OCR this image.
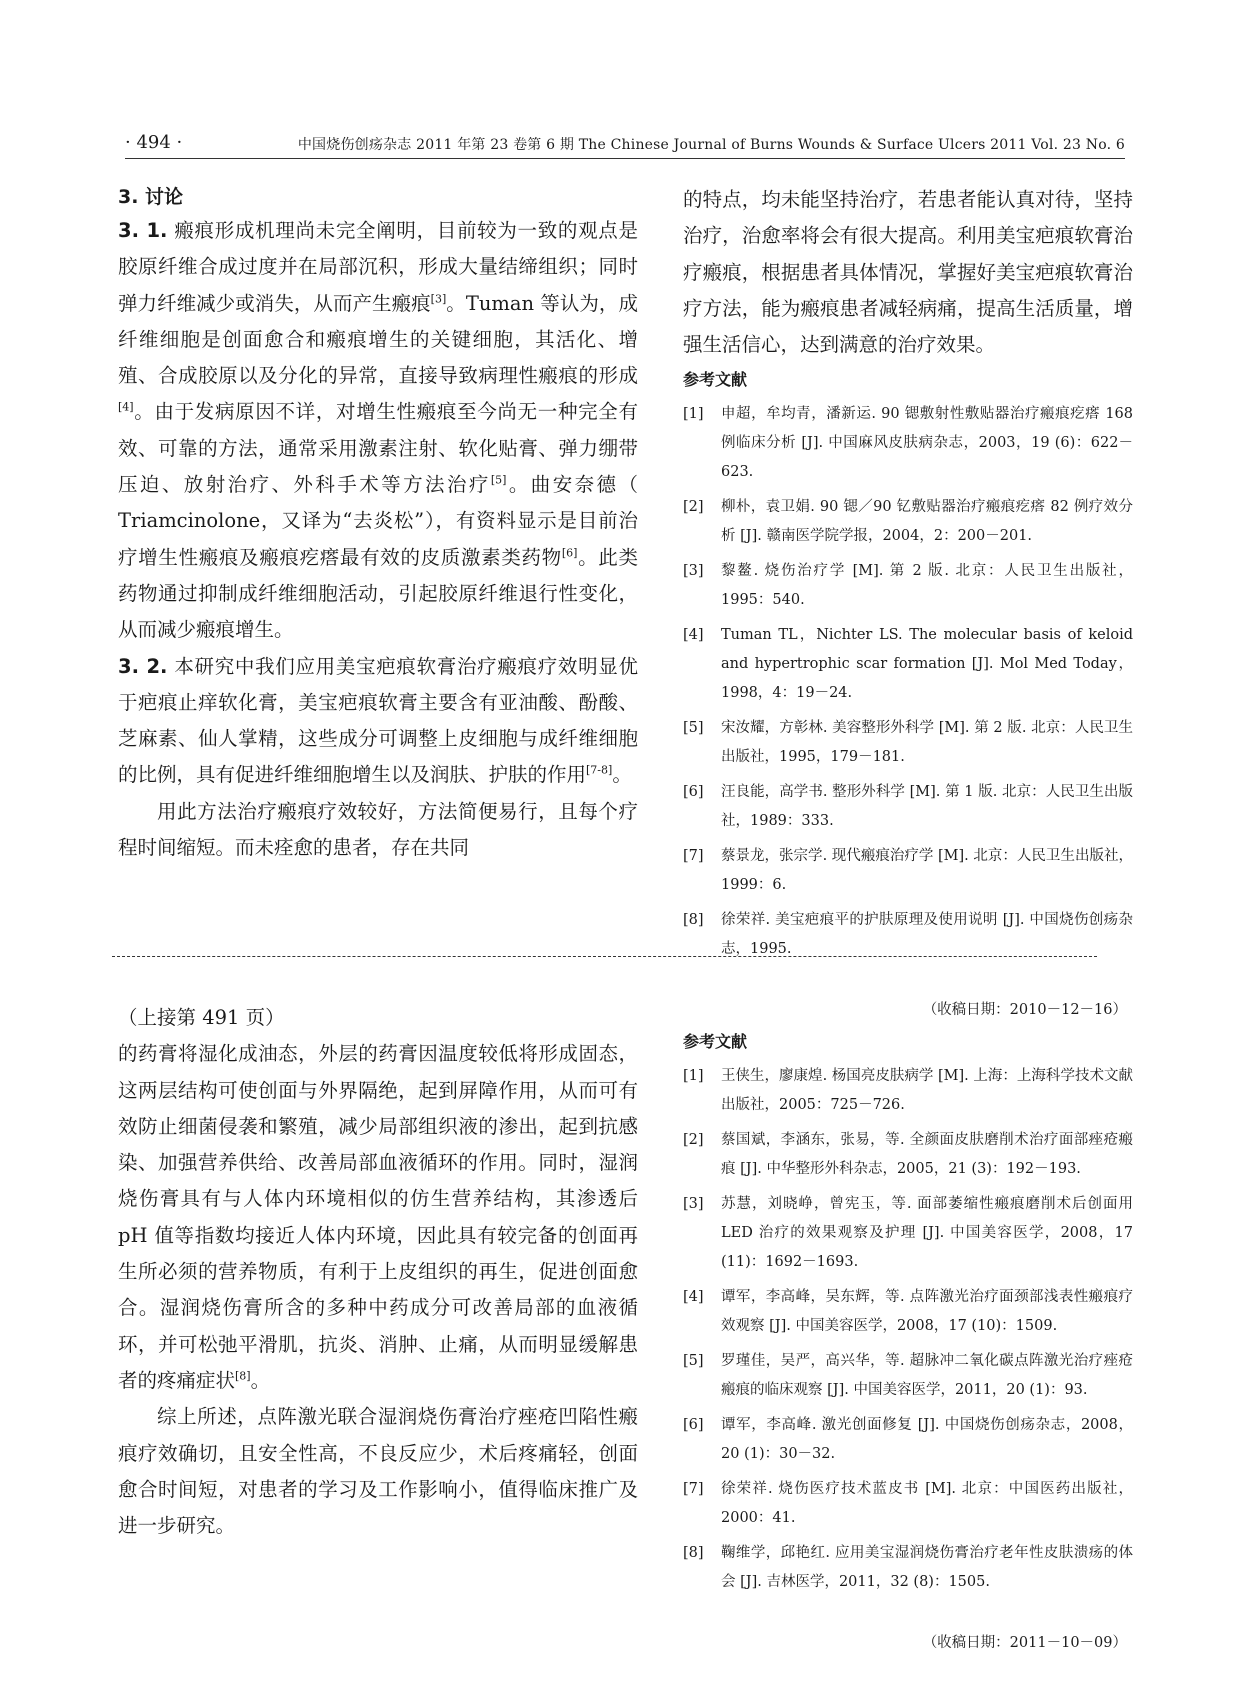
· 494 ·	中国烧伤创疡杂志 2011 年第 23 卷第 6 期 The Chinese Journal of Burns Wounds & Surface Ulcers 2011 Vol. 23 No. 6
3. 讨论

3. 1. 瘢痕形成机理尚未完全阐明，目前较为一致的观点是胶原纤维合成过度并在局部沉积，形成大量结缔组织；同时弹力纤维减少或消失，从而产生瘢痕[3]。Tuman 等认为，成纤维细胞是创面愈合和瘢痕增生的关键细胞，其活化、增殖、合成胶原以及分化的异常，直接导致病理性瘢痕的形成[4]。由于发病原因不详，对增生性瘢痕至今尚无一种完全有效、可靠的方法，通常采用激素注射、软化贴膏、弹力绷带压迫、放射治疗、外科手术等方法治疗[5]。曲安奈德（ Triamcinolone，又译为“去炎松”），有资料显示是目前治疗增生性瘢痕及瘢痕疙瘩最有效的皮质激素类药物[6]。此类药物通过抑制成纤维细胞活动，引起胶原纤维退行性变化，从而减少瘢痕增生。

3. 2. 本研究中我们应用美宝疤痕软膏治疗瘢痕疗效明显优于疤痕止痒软化膏，美宝疤痕软膏主要含有亚油酸、酚酸、芝麻素、仙人掌精，这些成分可调整上皮细胞与成纤维细胞的比例，具有促进纤维细胞增生以及润肤、护肤的作用[7-8]。

用此方法治疗瘢痕疗效较好，方法简便易行，且每个疗程时间缩短。而未痊愈的患者，存在共同

的特点，均未能坚持治疗，若患者能认真对待，坚持治疗，治愈率将会有很大提高。利用美宝疤痕软膏治疗瘢痕，根据患者具体情况，掌握好美宝疤痕软膏治疗方法，能为瘢痕患者减轻病痛，提高生活质量，增强生活信心，达到满意的治疗效果。

参考文献
[1] 申超，牟均青，潘新运. 90 锶敷射性敷贴器治疗瘢痕疙瘩 168 例临床分析 [J]. 中国麻风皮肤病杂志，2003，19 (6)：622－623.
[2] 柳朴，袁卫娟. 90 锶／90 钇敷贴器治疗瘢痕疙瘩 82 例疗效分析 [J]. 赣南医学院学报，2004，2：200－201.
[3] 黎鳌. 烧伤治疗学 [M]. 第 2 版. 北京：人民卫生出版社，1995：540.
[4] Tuman TL，Nichter LS. The molecular basis of keloid and hypertrophic scar formation [J]. Mol Med Today，1998，4：19－24.
[5] 宋汝耀，方彰林. 美容整形外科学 [M]. 第 2 版. 北京：人民卫生出版社，1995，179－181.
[6] 汪良能，高学书. 整形外科学 [M]. 第 1 版. 北京：人民卫生出版社，1989：333.
[7] 蔡景龙，张宗学. 现代瘢痕治疗学 [M]. 北京：人民卫生出版社，1999：6.
[8] 徐荣祥. 美宝疤痕平的护肤原理及使用说明 [J]. 中国烧伤创疡杂志，1995.
（收稿日期：2010－12－16）

（上接第 491 页）

的药膏将湿化成油态，外层的药膏因温度较低将形成固态，这两层结构可使创面与外界隔绝，起到屏障作用，从而可有效防止细菌侵袭和繁殖，减少局部组织液的渗出，起到抗感染、加强营养供给、改善局部血液循环的作用。同时，湿润烧伤膏具有与人体内环境相似的仿生营养结构，其渗透后 pH 值等指数均接近人体内环境，因此具有较完备的创面再生所必须的营养物质，有利于上皮组织的再生，促进创面愈合。湿润烧伤膏所含的多种中药成分可改善局部的血液循环，并可松弛平滑肌，抗炎、消肿、止痛，从而明显缓解患者的疼痛症状[8]。

综上所述，点阵激光联合湿润烧伤膏治疗痤疮凹陷性瘢痕疗效确切，且安全性高，不良反应少，术后疼痛轻，创面愈合时间短，对患者的学习及工作影响小，值得临床推广及进一步研究。

参考文献
[1] 王侠生，廖康煌. 杨国亮皮肤病学 [M]. 上海：上海科学技术文献出版社，2005：725－726.
[2] 蔡国斌，李涵东，张易，等. 全颜面皮肤磨削术治疗面部痤疮瘢痕 [J]. 中华整形外科杂志，2005，21 (3)：192－193.
[3] 苏慧，刘晓峥，曾宪玉，等. 面部萎缩性瘢痕磨削术后创面用 LED 治疗的效果观察及护理 [J]. 中国美容医学，2008，17 (11)：1692－1693.
[4] 谭军，李高峰，吴东辉，等. 点阵激光治疗面颈部浅表性瘢痕疗效观察 [J]. 中国美容医学，2008，17 (10)：1509.
[5] 罗瑾佳，吴严，高兴华，等. 超脉冲二氧化碳点阵激光治疗痤疮瘢痕的临床观察 [J]. 中国美容医学，2011，20 (1)：93.
[6] 谭军，李高峰. 激光创面修复 [J]. 中国烧伤创疡杂志，2008，20 (1)：30－32.
[7] 徐荣祥. 烧伤医疗技术蓝皮书 [M]. 北京：中国医药出版社，2000：41.
[8] 鞠维学，邱艳红. 应用美宝湿润烧伤膏治疗老年性皮肤溃疡的体会 [J]. 吉林医学，2011，32 (8)：1505.
（收稿日期：2011－10－09）
